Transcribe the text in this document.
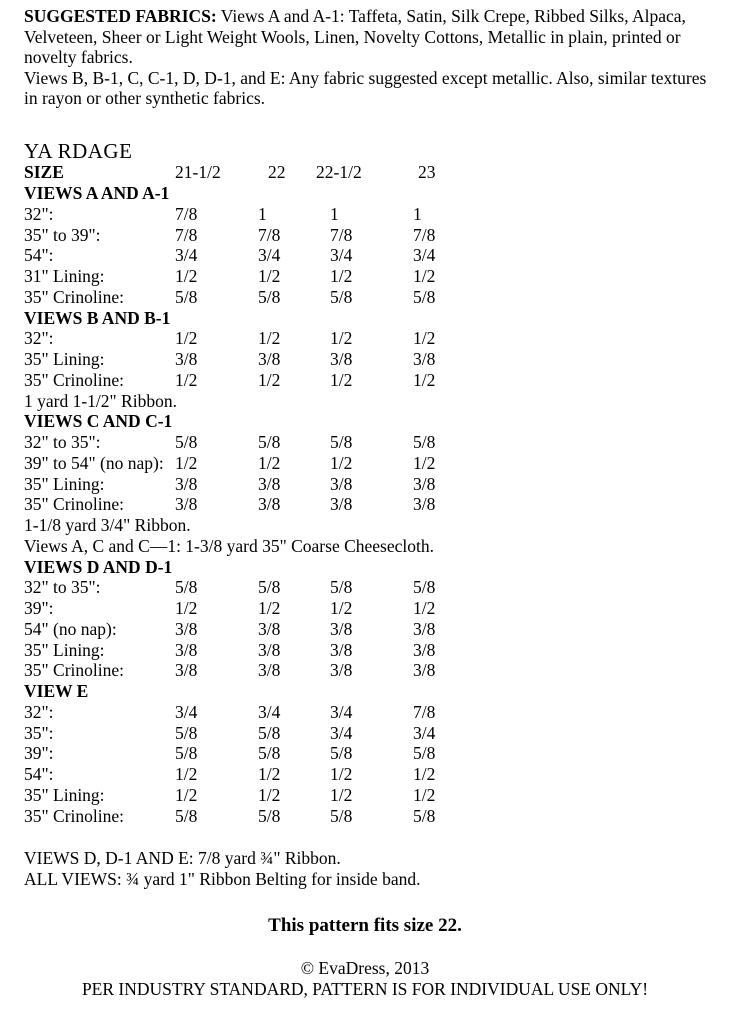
SUGGESTED FABRICS: Views A and A-1: Taffeta, Satin, Silk Crepe, Ribbed Silks, Alpaca, Velveteen, Sheer or Light Weight Wools, Linen, Novelty Cottons, Metallic in plain, printed or novelty fabrics.

Views B, B-1, C, C-1, D, D-1, and E: Any fabric suggested except metallic. Also, similar textures in rayon or other synthetic fabrics.

YA RDAGE
SIZE	21-1/2	22 22-1/2	23
VIEWS A AND A-1
32":	7/8	1	1	1
35" to 39":	7/8	7/8	7/8	7/8
54":	3/4	3/4	3/4	3/4
31" Lining:	1/2	1/2	1/2	1/2
35" Crinoline:	5/8	5/8	5/8	5/8
VIEWS B AND B-1
32":	1/2	1/2	1/2	1/2
35" Lining:	3/8	3/8	3/8	3/8
35" Crinoline:	1/2	1/2	1/2	1/2
1 yard 1-1/2" Ribbon.
VIEWS C AND C-1
32" to 35":	5/8	5/8	5/8	5/8
39" to 54" (no nap): 1/2	1/2	1/2	1/2
35" Lining:	3/8	3/8	3/8	3/8
35" Crinoline:	3/8	3/8	3/8	3/8
1-1/8 yard 3/4" Ribbon.
Views A, C and C—1: 1-3/8 yard 35" Coarse Cheesecloth.
VIEWS D AND D-1
32" to 35":	5/8	5/8	5/8	5/8
39":	1/2	1/2	1/2	1/2
54" (no nap):	3/8	3/8	3/8	3/8
35" Lining:	3/8	3/8	3/8	3/8
35" Crinoline:	3/8	3/8	3/8	3/8
VIEW E
32":	3/4	3/4	3/4	7/8
35":	5/8	5/8	3/4	3/4
39":	5/8	5/8	5/8	5/8
54":	1/2	1/2	1/2	1/2
35" Lining:	1/2	1/2	1/2	1/2
35" Crinoline:	5/8	5/8	5/8	5/8
VIEWS D, D-1 AND E: 7/8 yard ¾" Ribbon.
ALL VIEWS: ¾ yard 1" Ribbon Belting for inside band.
This pattern fits size 22.
© EvaDress, 2013
PER INDUSTRY STANDARD, PATTERN IS FOR INDIVIDUAL USE ONLY!
